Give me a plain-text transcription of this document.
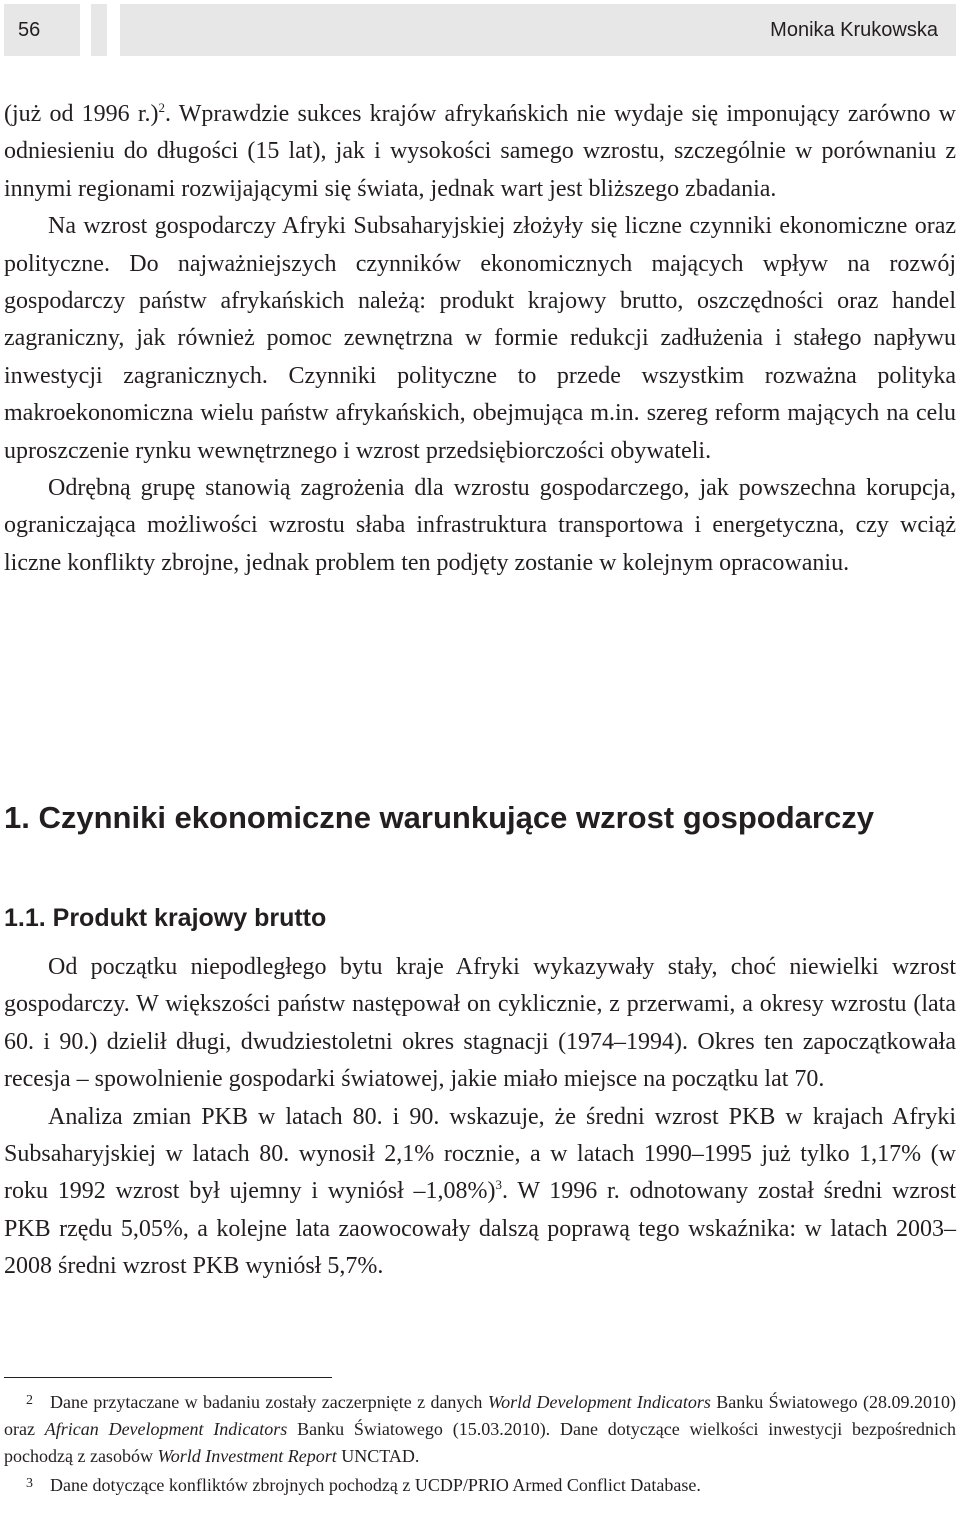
56	Monika Krukowska

(już od 1996 r.)$^2$. Wprawdzie sukces krajów afrykańskich nie wydaje się imponujący zarówno w odniesieniu do długości (15 lat), jak i wysokości samego wzrostu, szczególnie w porównaniu z innymi regionami rozwijającymi się świata, jednak wart jest bliższego zbadania.

Na wzrost gospodarczy Afryki Subsaharyjskiej złożyły się liczne czynniki ekonomiczne oraz polityczne. Do najważniejszych czynników ekonomicznych mających wpływ na rozwój gospodarczy państw afrykańskich należą: produkt krajowy brutto, oszczędności oraz handel zagraniczny, jak również pomoc zewnętrzna w formie redukcji zadłużenia i stałego napływu inwestycji zagranicznych. Czynniki polityczne to przede wszystkim rozważna polityka makroekonomiczna wielu państw afrykańskich, obejmująca m.in. szereg reform mających na celu uproszczenie rynku wewnętrznego i wzrost przedsiębiorczości obywateli.

Odrębną grupę stanowią zagrożenia dla wzrostu gospodarczego, jak powszechna korupcja, ograniczająca możliwości wzrostu słaba infrastruktura transportowa i energetyczna, czy wciąż liczne konflikty zbrojne, jednak problem ten podjęty zostanie w kolejnym opracowaniu.

1. Czynniki ekonomiczne warunkujące wzrost gospodarczy
1.1. Produkt krajowy brutto

Od początku niepodległego bytu kraje Afryki wykazywały stały, choć niewielki wzrost gospodarczy. W większości państw następował on cyklicznie, z przerwami, a okresy wzrostu (lata 60. i 90.) dzielił długi, dwudziestoletni okres stagnacji (1974–1994). Okres ten zapoczątkowała recesja – spowolnienie gospodarki światowej, jakie miało miejsce na początku lat 70.

Analiza zmian PKB w latach 80. i 90. wskazuje, że średni wzrost PKB w krajach Afryki Subsaharyjskiej w latach 80. wynosił 2,1% rocznie, a w latach 1990–1995 już tylko 1,17% (w roku 1992 wzrost był ujemny i wyniósł –1,08%)$^3$. W 1996 r. odnotowany został średni wzrost PKB rzędu 5,05%, a kolejne lata zaowocowały dalszą poprawą tego wskaźnika: w latach 2003–2008 średni wzrost PKB wyniósł 5,7%.

2 Dane przytaczane w badaniu zostały zaczerpnięte z danych World Development Indicators Banku Światowego (28.09.2010) oraz African Development Indicators Banku Światowego (15.03.2010). Dane dotyczące wielkości inwestycji bezpośrednich pochodzą z zasobów World Investment Report UNCTAD.

3 Dane dotyczące konfliktów zbrojnych pochodzą z UCDP/PRIO Armed Conflict Database.
